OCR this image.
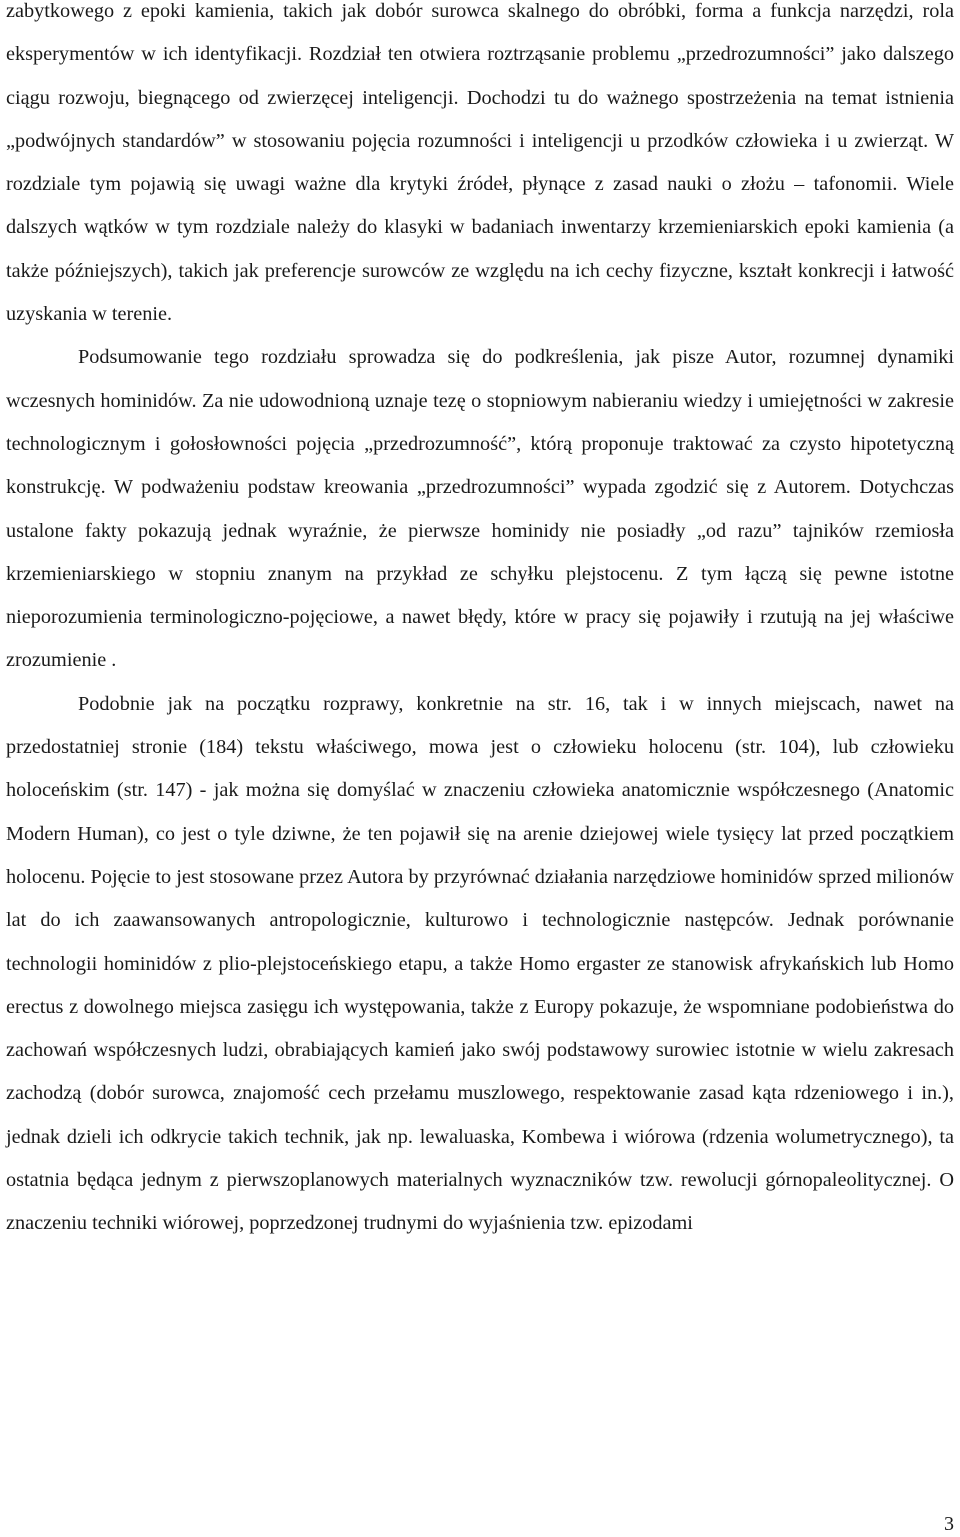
zabytkowego z epoki kamienia, takich jak dobór surowca skalnego do obróbki, forma a funkcja narzędzi, rola eksperymentów w ich identyfikacji. Rozdział ten otwiera roztrząsanie problemu „przedrozumności” jako dalszego ciągu rozwoju, biegnącego od zwierzęcej inteligencji. Dochodzi tu do ważnego spostrzeżenia na temat istnienia „podwójnych standardów” w stosowaniu pojęcia rozumności i inteligencji u przodków człowieka i u zwierząt. W rozdziale tym pojawią się uwagi ważne dla krytyki źródeł, płynące z zasad nauki o złożu – tafonomii. Wiele dalszych wątków w tym rozdziale należy do klasyki w badaniach inwentarzy krzemieniarskich epoki kamienia (a także późniejszych), takich jak preferencje surowców ze względu na ich cechy fizyczne, kształt konkrecji i łatwość uzyskania w terenie.

Podsumowanie tego rozdziału sprowadza się do podkreślenia, jak pisze Autor, rozumnej dynamiki wczesnych hominidów. Za nie udowodnioną uznaje tezę o stopniowym nabieraniu wiedzy i umiejętności w zakresie technologicznym i gołosłowności pojęcia „przedrozumność”, którą proponuje traktować za czysto hipotetyczną konstrukcję. W podważeniu podstaw kreowania „przedrozumności” wypada zgodzić się z Autorem. Dotychczas ustalone fakty pokazują jednak wyraźnie, że pierwsze hominidy nie posiadły „od razu” tajników rzemiosła krzemieniarskiego w stopniu znanym na przykład ze schyłku plejstocenu. Z tym łączą się pewne istotne nieporozumienia terminologiczno-pojęciowe, a nawet błędy, które w pracy się pojawiły i rzutują na jej właściwe zrozumienie .

Podobnie jak na początku rozprawy, konkretnie na str. 16, tak i w innych miejscach, nawet na przedostatniej stronie (184) tekstu właściwego, mowa jest o człowieku holocenu (str. 104), lub człowieku holoceńskim (str. 147) - jak można się domyślać w znaczeniu człowieka anatomicznie współczesnego (Anatomic Modern Human), co jest o tyle dziwne, że ten pojawił się na arenie dziejowej wiele tysięcy lat przed początkiem holocenu. Pojęcie to jest stosowane przez Autora by przyrównać działania narzędziowe hominidów sprzed milionów lat do ich zaawansowanych antropologicznie, kulturowo i technologicznie następców. Jednak porównanie technologii hominidów z plio-plejstoceńskiego etapu, a także Homo ergaster ze stanowisk afrykańskich lub Homo erectus z dowolnego miejsca zasięgu ich występowania, także z Europy pokazuje, że wspomniane podobieństwa do zachowań współczesnych ludzi, obrabiających kamień jako swój podstawowy surowiec istotnie w wielu zakresach zachodzą (dobór surowca, znajomość cech przełamu muszlowego, respektowanie zasad kąta rdzeniowego i in.), jednak dzieli ich odkrycie takich technik, jak np. lewaluaska, Kombewa i wiórowa (rdzenia wolumetrycznego), ta ostatnia będąca jednym z pierwszoplanowych materialnych wyznaczników tzw. rewolucji górnopaleolitycznej. O znaczeniu techniki wiórowej, poprzedzonej trudnymi do wyjaśnienia tzw. epizodami

3
